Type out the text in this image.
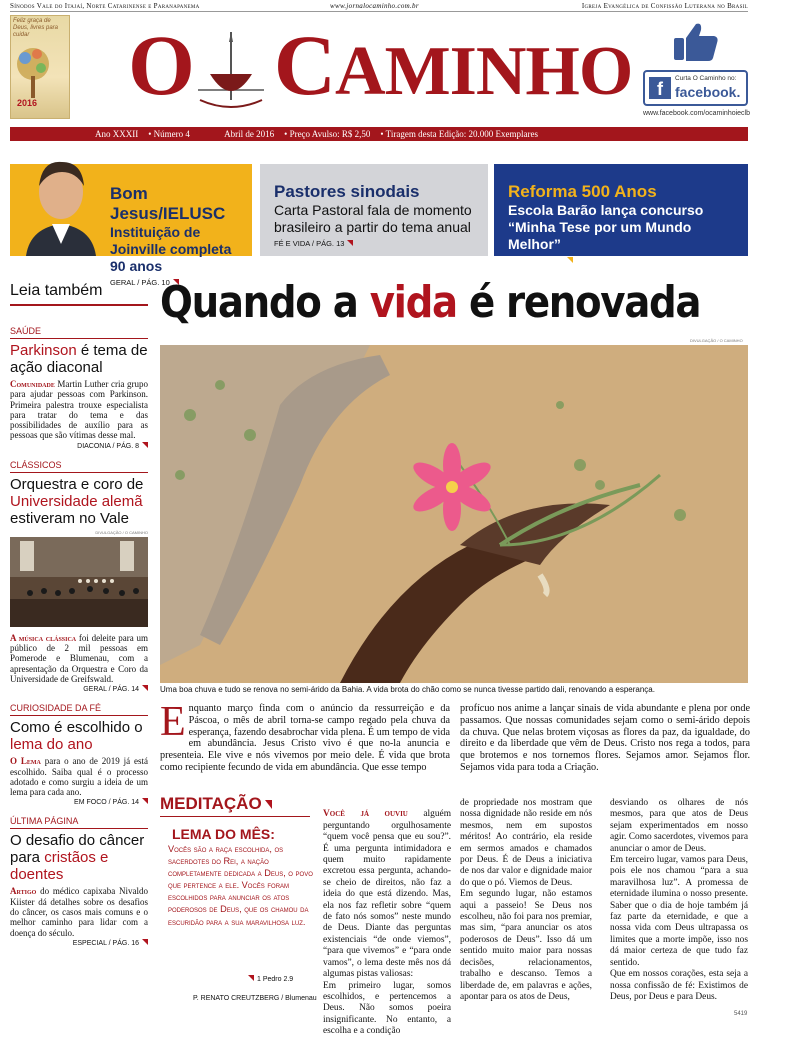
Sínodos Vale do Itajaí, Norte Catarinense e Paranapanema	www.jornalocaminho.com.br	Igreja Evangélica de Confissão Luterana no Brasil
Feliz graça de Deus, livres para cuidar
2016 O CAMINHO	f
Curta O Caminho no:
facebook.
www.facebook.com/ocaminhoieclb
Ano XXXII • Número 4	Abril de 2016 • Preço Avulso: R$ 2,50 • Tiragem desta Edição: 20.000 Exemplares
Bom Jesus/IELUSC
Instituição de Joinville completa 90 anos
GERAL / PÁG. 10
Pastores sinodais
Carta Pastoral fala de momento brasileiro a partir do tema anual
FÉ E VIDA / PÁG. 13
Reforma 500 Anos
Escola Barão lança concurso “Minha Tese por um Mundo Melhor”
GERAL / PÁG. 9
Leia também
SAÚDE
Parkinson é tema de ação diaconal
Comunidade Martin Luther cria grupo para ajudar pessoas com Parkinson. Primeira palestra trouxe especialista para tratar do tema e das possibilidades de auxílio para as pessoas que são vítimas desse mal.
DIACONIA / PÁG. 8
CLÁSSICOS
Orquestra e coro de Universidade alemã estiveram no Vale
DIVULGAÇÃO / O CAMINHO
A música clássica foi deleite para um público de 2 mil pessoas em Pomerode e Blumenau, com a apresentação da Orquestra e Coro da Universidade de Greifswald.
GERAL / PÁG. 14
CURIOSIDADE DA FÉ
Como é escolhido o lema do ano
O Lema para o ano de 2019 já está escolhido. Saiba qual é o processo adotado e como surgiu a ideia de um lema para cada ano.
EM FOCO / PÁG. 14
ÚLTIMA PÁGINA
O desafio do câncer para cristãos e doentes
Artigo do médico capixaba Nivaldo Kiister dá detalhes sobre os desafios do câncer, os casos mais comuns e o melhor caminho para lidar com a doença do século.
ESPECIAL / PÁG. 16
Quando a vida é renovada
DIVULGAÇÃO / O CAMINHO
Uma boa chuva e tudo se renova no semi-árido da Bahia. A vida brota do chão como se nunca tivesse partido dali, renovando a esperança.
Enquanto março finda com o anúncio da ressurreição e da Páscoa, o mês de abril torna-se campo regado pela chuva da esperança, fazendo desabrochar vida plena. É um tempo de vida em abundância. Jesus Cristo vivo é que no-la anuncia e presenteia. Ele vive e nós vivemos por meio dele. É vida que brota como recipiente fecundo de vida em abundância. Que esse tempo
profícuo nos anime a lançar sinais de vida abundante e plena por onde passamos. Que nossas comunidades sejam como o semi-árido depois da chuva. Que nelas brotem viçosas as flores da paz, da igualdade, do direito e da liberdade que vêm de Deus. Cristo nos rega a todos, para que brotemos e nos tornemos flores. Sejamos amor. Sejamos flor. Sejamos vida para toda a Criação.
MEDITAÇÃO
LEMA DO MÊS:
Vocês são a raça escolhida, os sacerdotes do Rei, a nação completamente dedicada a Deus, o povo que pertence a ele. Vocês foram escolhidos para anunciar os atos poderosos de Deus, que os chamou da escuridão para a sua maravilhosa luz.
1 Pedro 2.9
P. RENATO CREUTZBERG / Blumenau

Você já ouviu alguém perguntando orgulhosamente “quem você pensa que eu sou?”. É uma pergunta intimidadora e quem muito rapidamente excretou essa pergunta, achando-se cheio de direitos, não faz a ideia do que está dizendo. Mas, ela nos faz refletir sobre “quem de fato nós somos” neste mundo de Deus. Diante das perguntas existenciais “de onde viemos”, “para que vivemos” e “para onde vamos”, o lema deste mês nos dá algumas pistas valiosas:
Em primeiro lugar, somos escolhidos, e pertencemos a Deus. Não somos poeira insignificante. No entanto, a escolha e a condição

de propriedade nos mostram que nossa dignidade não reside em nós mesmos, nem em supostos méritos! Ao contrário, ela reside em sermos amados e chamados por Deus. É de Deus a iniciativa de nos dar valor e dignidade maior do que o pó. Viemos de Deus.
Em segundo lugar, não estamos aqui a passeio! Se Deus nos escolheu, não foi para nos premiar, mas sim, “para anunciar os atos poderosos de Deus”. Isso dá um sentido muito maior para nossas decisões, relacionamentos, trabalho e descanso. Temos a liberdade de, em palavras e ações, apontar para os atos de Deus,
desviando os olhares de nós mesmos, para que atos de Deus sejam experimentados em nosso agir. Como sacerdotes, vivemos para anunciar o amor de Deus.
Em terceiro lugar, vamos para Deus, pois ele nos chamou “para a sua maravilhosa luz”. A promessa de eternidade ilumina o nosso presente. Saber que o dia de hoje também já faz parte da eternidade, e que a nossa vida com Deus ultrapassa os limites que a morte impõe, isso nos dá maior certeza de que tudo faz sentido.
Que em nossos corações, esta seja a nossa confissão de fé: Existimos de Deus, por Deus e para Deus.
5419
